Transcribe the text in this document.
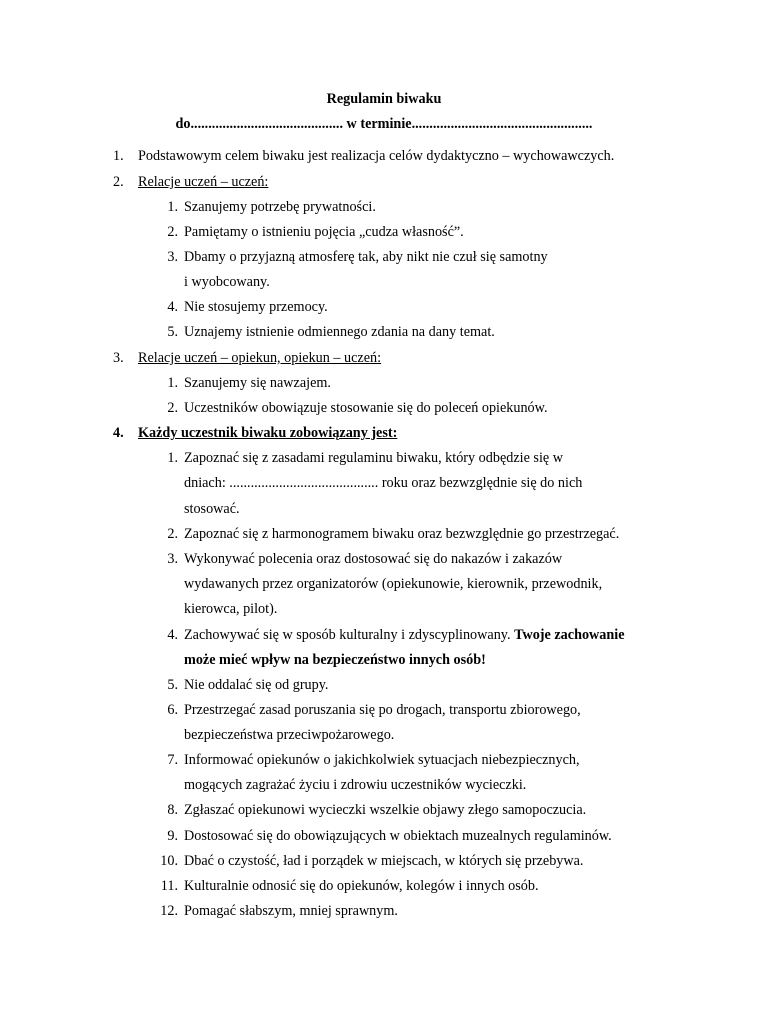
Regulamin biwaku
do........................................... w terminie...................................................
1.	Podstawowym celem biwaku jest realizacja celów dydaktyczno – wychowawczych.
2.	Relacje uczeń – uczeń:
1. Szanujemy potrzebę prywatności.
2. Pamiętamy o istnieniu pojęcia „cudza własność”.
3. Dbamy o przyjazną atmosferę tak, aby nikt nie czuł się samotny
i wyobcowany.
4. Nie stosujemy przemocy.
5. Uznajemy istnienie odmiennego zdania na dany temat.
3.	Relacje uczeń – opiekun, opiekun – uczeń:
1. Szanujemy się nawzajem.
2. Uczestników obowiązuje stosowanie się do poleceń opiekunów.
4.	Każdy uczestnik biwaku zobowiązany jest:
1. Zapoznać się z zasadami regulaminu biwaku, który odbędzie się w
dniach: .......................................... roku oraz bezwzględnie się do nich
stosować.
2. Zapoznać się z harmonogramem biwaku oraz bezwzględnie go przestrzegać.
3. Wykonywać polecenia oraz dostosować się do nakazów i zakazów
wydawanych przez organizatorów (opiekunowie, kierownik, przewodnik,
kierowca, pilot).
4. Zachowywać się w sposób kulturalny i zdyscyplinowany. Twoje zachowanie
może mieć wpływ na bezpieczeństwo innych osób!
5. Nie oddalać się od grupy.
6. Przestrzegać zasad poruszania się po drogach, transportu zbiorowego,
bezpieczeństwa przeciwpożarowego.
7. Informować opiekunów o jakichkolwiek sytuacjach niebezpiecznych,
mogących zagrażać życiu i zdrowiu uczestników wycieczki.
8. Zgłaszać opiekunowi wycieczki wszelkie objawy złego samopoczucia.
9. Dostosować się do obowiązujących w obiektach muzealnych regulaminów.
10. Dbać o czystość, ład i porządek w miejscach, w których się przebywa.
11. Kulturalnie odnosić się do opiekunów, kolegów i innych osób.
12. Pomagać słabszym, mniej sprawnym.
